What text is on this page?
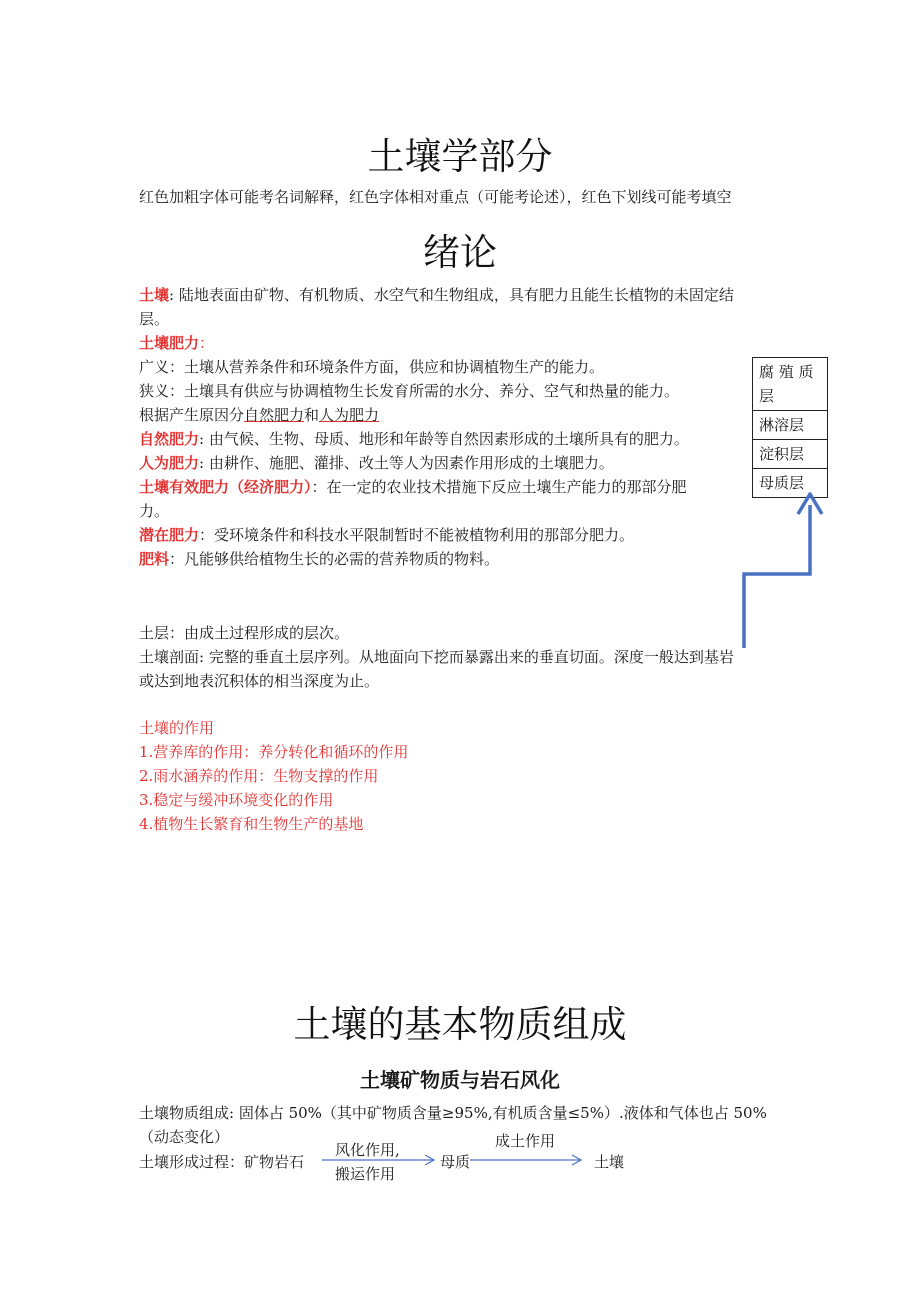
土壤学部分
红色加粗字体可能考名词解释，红色字体相对重点（可能考论述），红色下划线可能考填空
绪论
土壤: 陆地表面由矿物、有机物质、水空气和生物组成，具有肥力且能生长植物的未固定结
层。
土壤肥力：
广义：土壤从营养条件和环境条件方面，供应和协调植物生产的能力。
狭义：土壤具有供应与协调植物生长发育所需的水分、养分、空气和热量的能力。
根据产生原因分自然肥力和人为肥力
自然肥力: 由气候、生物、母质、地形和年龄等自然因素形成的土壤所具有的肥力。
人为肥力: 由耕作、施肥、灌排、改土等人为因素作用形成的土壤肥力。
土壤有效肥力（经济肥力）：在一定的农业技术措施下反应土壤生产能力的那部分肥
力。
潜在肥力：受环境条件和科技水平限制暂时不能被植物利用的那部分肥力。
肥料：凡能够供给植物生长的必需的营养物质的物料。
腐 殖 质
层
淋溶层
淀积层
母质层
土层：由成土过程形成的层次。
土壤剖面: 完整的垂直土层序列。从地面向下挖而暴露出来的垂直切面。深度一般达到基岩
或达到地表沉积体的相当深度为止。
土壤的作用
1.营养库的作用：养分转化和循环的作用
2.雨水涵养的作用：生物支撑的作用
3.稳定与缓冲环境变化的作用
4.植物生长繁育和生物生产的基地
土壤的基本物质组成
土壤矿物质与岩石风化
土壤物质组成: 固体占 50%（其中矿物质含量≥95%,有机质含量≤5%）.液体和气体也占 50%
（动态变化）
土壤形成过程：矿物岩石
风化作用,
搬运作用
母质
成土作用
土壤
